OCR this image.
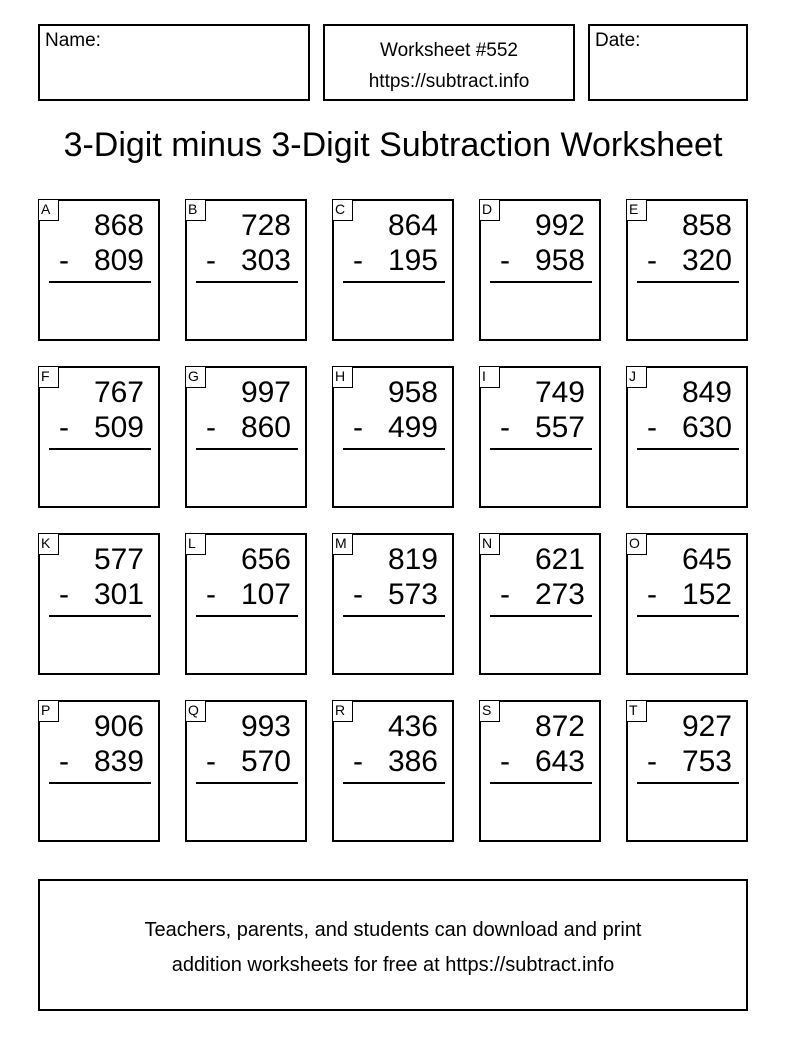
Name:	Worksheet #552
https://subtract.info
Date:
3-Digit minus 3-Digit Subtraction Worksheet
A 868
- 809
B 728
- 303
C 864
- 195
D 992
- 958
E 858
- 320
F	767
- 509
G 997
- 860
H 958
- 499
I	749
- 557
J	849
- 630
K 577
- 301
L	656
- 107
M 819
- 573
N 621
- 273
O 645
- 152
P 906
- 839
Q 993
- 570
R 436
- 386
S 872
- 643
T	927
- 753
Teachers, parents, and students can download and print
addition worksheets for free at https://subtract.info
